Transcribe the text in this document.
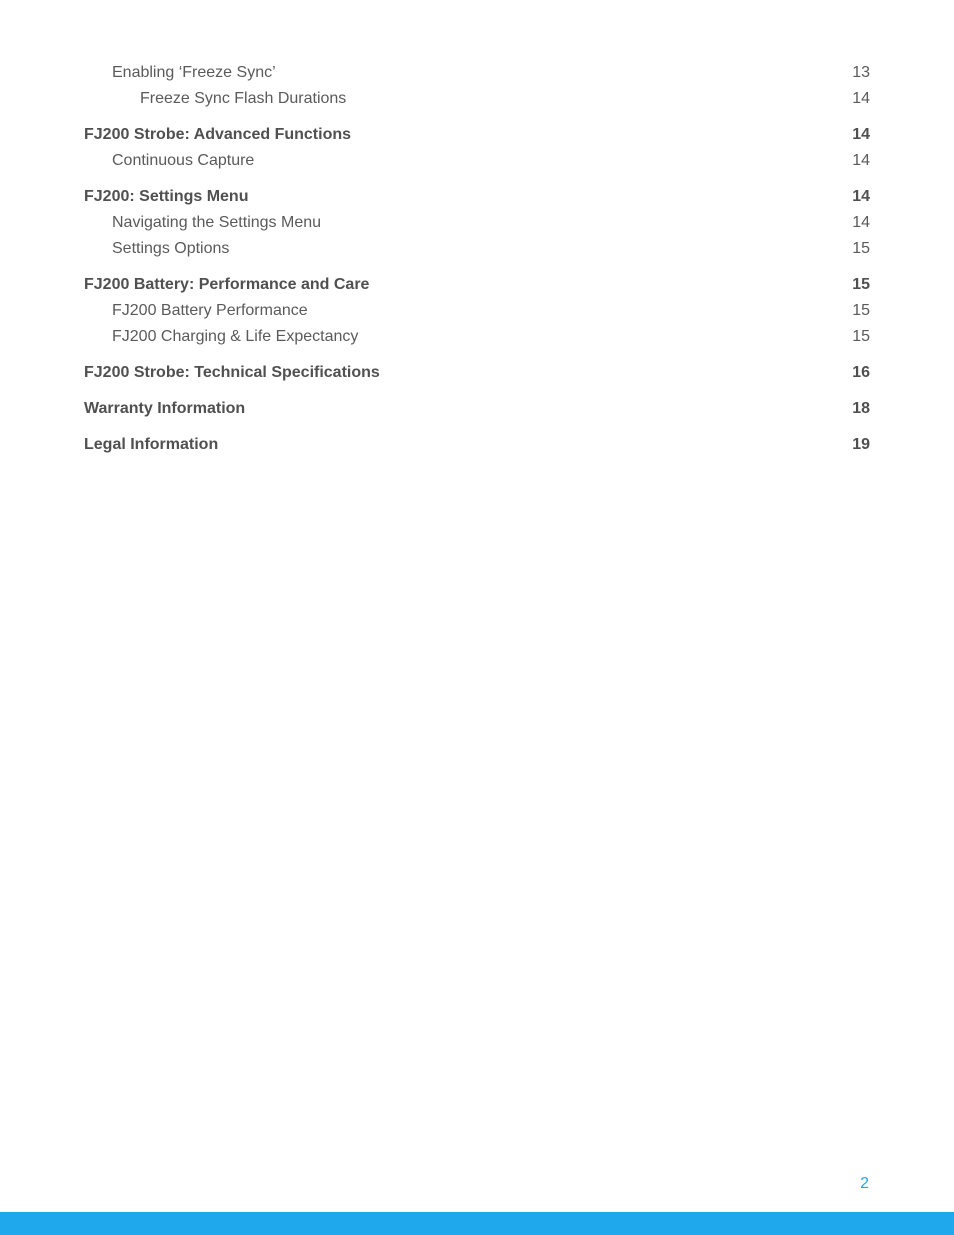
Enabling ‘Freeze Sync’	13
Freeze Sync Flash Durations	14
FJ200 Strobe: Advanced Functions	14
Continuous Capture	14
FJ200: Settings Menu	14
Navigating the Settings Menu	14
Settings Options	15
FJ200 Battery: Performance and Care	15
FJ200 Battery Performance	15
FJ200 Charging & Life Expectancy	15
FJ200 Strobe: Technical Specifications	16
Warranty Information	18
Legal Information	19
2
